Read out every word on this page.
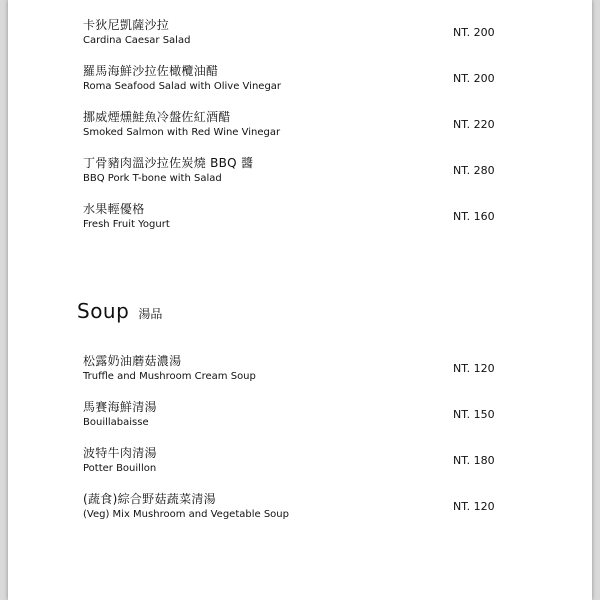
卡狄尼凱薩沙拉
Cardina Caesar Salad
NT. 200
羅馬海鮮沙拉佐橄欖油醋
Roma Seafood Salad with Olive Vinegar
NT. 200
挪威煙燻鮭魚冷盤佐紅酒醋
Smoked Salmon with Red Wine Vinegar
NT. 220
丁骨豬肉溫沙拉佐炭燒 BBQ 醬
BBQ Pork T-bone with Salad
NT. 280
水果輕優格
Fresh Fruit Yogurt
NT. 160
Soup 湯品
松露奶油蘑菇濃湯
Truffle and Mushroom Cream Soup
NT. 120
馬賽海鮮清湯
Bouillabaisse
NT. 150
波特牛肉清湯
Potter Bouillon
NT. 180
(蔬食)綜合野菇蔬菜清湯
(Veg) Mix Mushroom and Vegetable Soup
NT. 120
